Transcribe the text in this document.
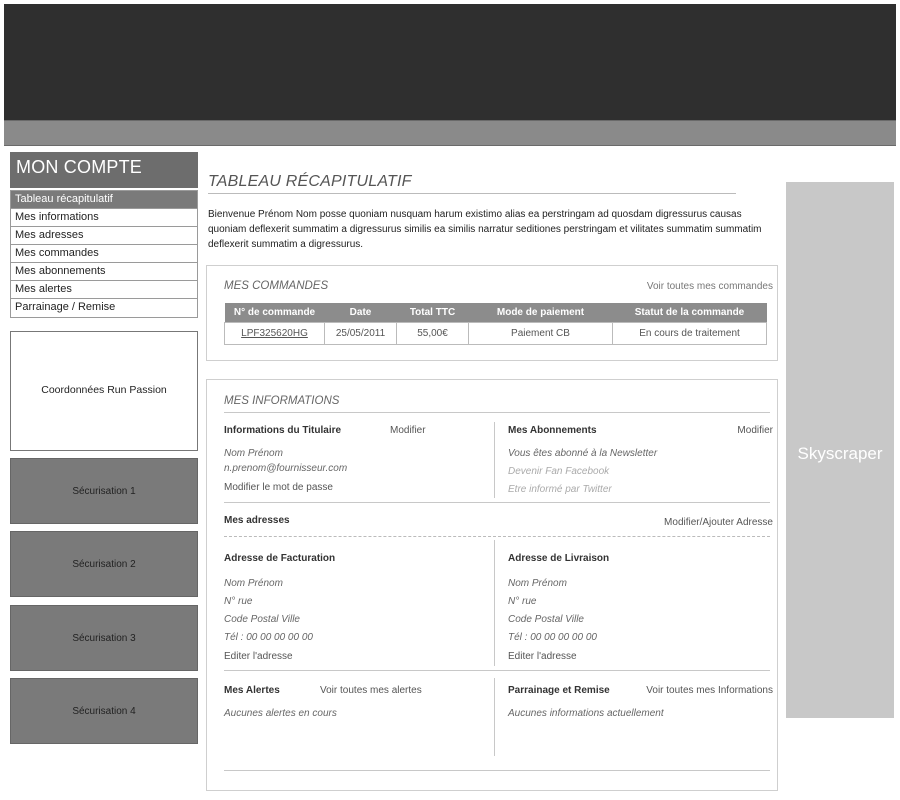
MON COMPTE
Tableau récapitulatif
Mes informations
Mes adresses
Mes commandes
Mes abonnements
Mes alertes
Parrainage / Remise
Coordonnées Run Passion
Sécurisation 1
Sécurisation 2
Sécurisation 3
Sécurisation 4
Skyscraper
TABLEAU RÉCAPITULATIF
Bienvenue Prénom Nom posse quoniam nusquam harum existimo alias ea perstringam ad quosdam digressurus causas quoniam deflexerit summatim a digressurus similis ea similis narratur seditiones perstringam et vilitates summatim summatim deflexerit summatim a digressurus.
MES COMMANDES	Voir toutes mes commandes
N° de commande	Date	Total TTC	Mode de paiement	Statut de la commande
LPF325620HG	25/05/2011	55,00€	Paiement CB	En cours de traitement
MES INFORMATIONS
Informations du Titulaire	Modifier
Nom Prénom
n.prenom@fournisseur.com
Modifier le mot de passe
Mes Abonnements	Modifier
Vous êtes abonné à la Newsletter
Devenir Fan Facebook
Etre informé par Twitter
Mes adresses	Modifier/Ajouter Adresse
Adresse de Facturation
Nom Prénom
N° rue
Code Postal Ville
Tél : 00 00 00 00 00
Editer l'adresse
Adresse de Livraison
Nom Prénom
N° rue
Code Postal Ville
Tél : 00 00 00 00 00
Editer l'adresse
Mes Alertes	Voir toutes mes alertes
Aucunes alertes en cours
Parrainage et Remise	Voir toutes mes Informations
Aucunes informations actuellement
